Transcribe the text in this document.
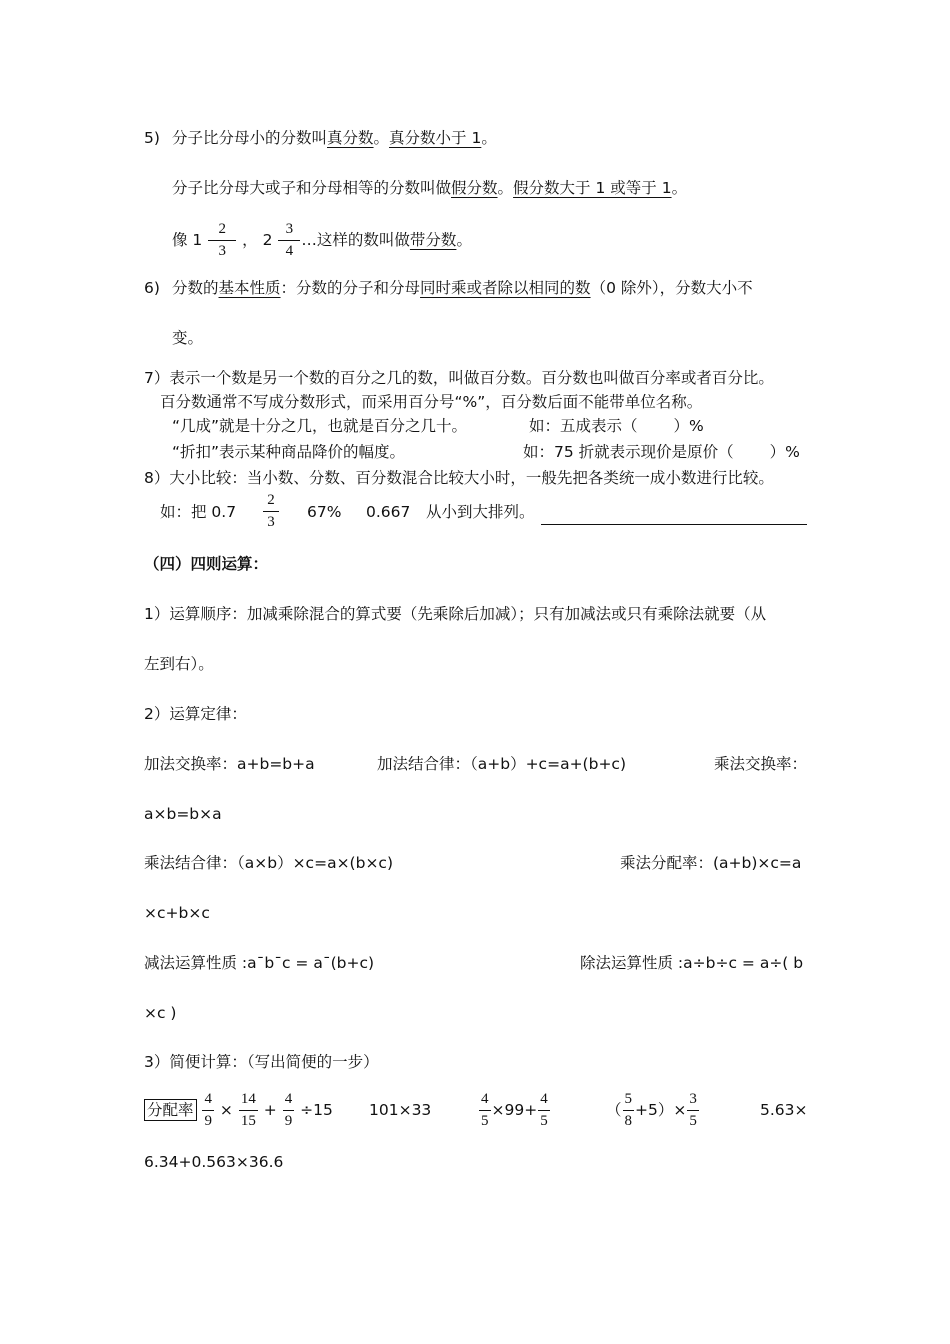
5) 分子比分母小的分数叫真分数。真分数小于 1。
分子比分母大或子和分母相等的分数叫做假分数。假分数大于 1 或等于 1。
像 $1 \frac{2}{3}$ ， $2 \frac{3}{4}$ …这样的数叫做带分数。
6) 分数的基本性质：分数的分子和分母同时乘或者除以相同的数（0 除外），分数大小不
变。
7）表示一个数是另一个数的百分之几的数，叫做百分数。百分数也叫做百分率或者百分比。
百分数通常不写成分数形式，而采用百分号“%”，百分数后面不能带单位名称。
“几成”就是十分之几，也就是百分之几十。	如：五成表示（ ）%
“折扣”表示某种商品降价的幅度。	如：75 折就表示现价是原价（ ）%
8）大小比较：当小数、分数、百分数混合比较大小时，一般先把各类统一成小数进行比较。
如：把 $0.7 \frac{2}{3} 67\%$ 0.667 从小到大排列。
（四）四则运算：
1）运算顺序：加减乘除混合的算式要（先乘除后加减）；只有加减法或只有乘除法就要（从
左到右）。
2）运算定律：
加法交换率：a+b=b+a	加法结合律：（a+b）+c=a+(b+c)	乘法交换率：
a×b=b×a
乘法结合律：（a×b）×c=a×(b×c)	乘法分配率：(a+b)×c=a
×c+b×c
减法运算性质 :a¯b¯c = a¯(b+c)	除法运算性质 :a÷b÷c = a÷( b
×c )
3）简便计算：（写出简便的一步）
分配率 $\frac{4}{9} \times \frac{14}{15} + \frac{4}{9} \div 15$ 101×33	$\frac{4}{5} \times 99+ \frac{4}{5}$	（ $\frac{5}{8} +5)\times \frac{3}{5}$	5.63×
6.34+0.563×36.6
